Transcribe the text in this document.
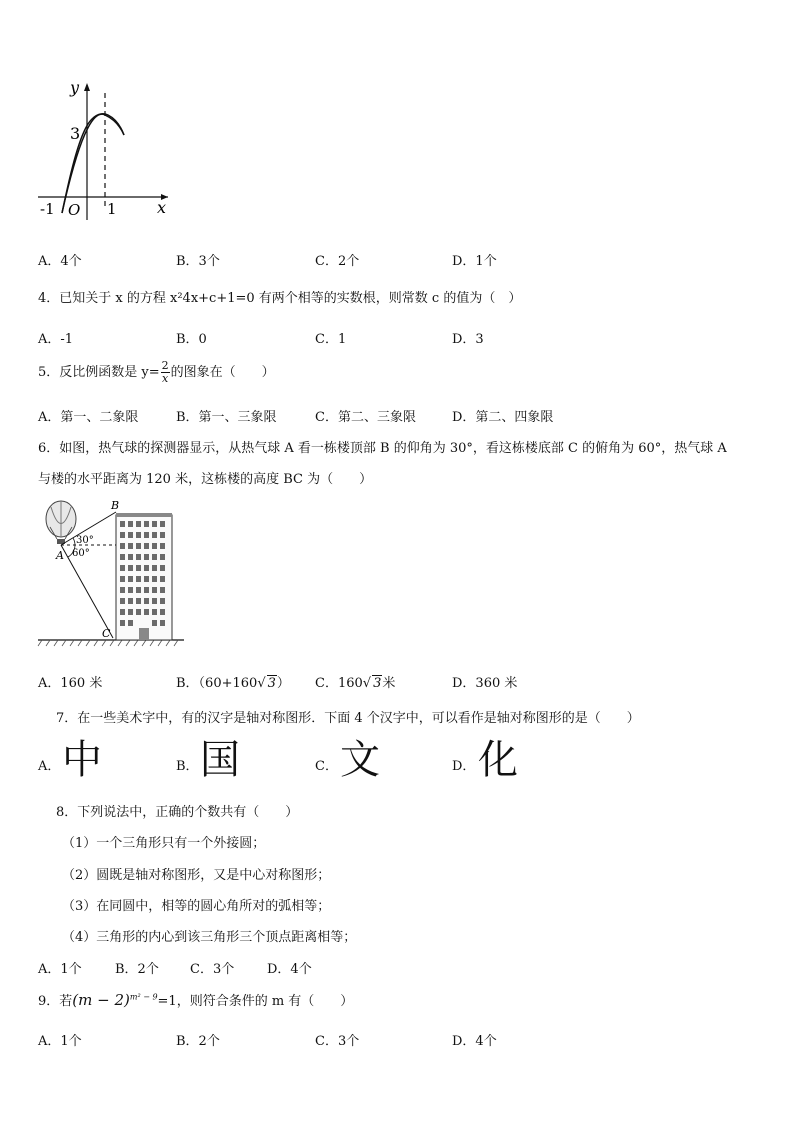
y
x
O
-1	1
3
A．4个	B．3个	C．2个	D．1个
4．已知关于 x 的方程 x²4x+c+1=0 有两个相等的实数根，则常数 c 的值为（　）
A．-1	B．0	C．1	D．3
5．反比例函数是 $y= \frac{2}{x}$ 的图象在（　　）
A．第一、二象限	B．第一、三象限	C．第二、三象限	D．第二、四象限
6．如图，热气球的探测器显示，从热气球 A 看一栋楼顶部 B 的仰角为 30°，看这栋楼底部 C 的俯角为 60°，热气球 A
与楼的水平距离为 120 米，这栋楼的高度 BC 为（　　）
B
A
C
30°
60°
A．160 米	B．（60+160√ 3） C．160√ 3米	D．360 米
7．在一些美术字中，有的汉字是轴对称图形．下面 4 个汉字中，可以看作是轴对称图形的是（　　）
A． 中	B． 国	C． 文	D． 化
8．下列说法中，正确的个数共有（　　）
（1）一个三角形只有一个外接圆；
（2）圆既是轴对称图形，又是中心对称图形；
（3）在同圆中，相等的圆心角所对的弧相等；
（4）三角形的内心到该三角形三个顶点距离相等；
A．1个	B．2个 C．3个	D．4个
9．若$(m - 2)^{m^2 - 9}=1$，则符合条件的 m 有（　　）
A．1个	B．2个	C．3个	D．4个
